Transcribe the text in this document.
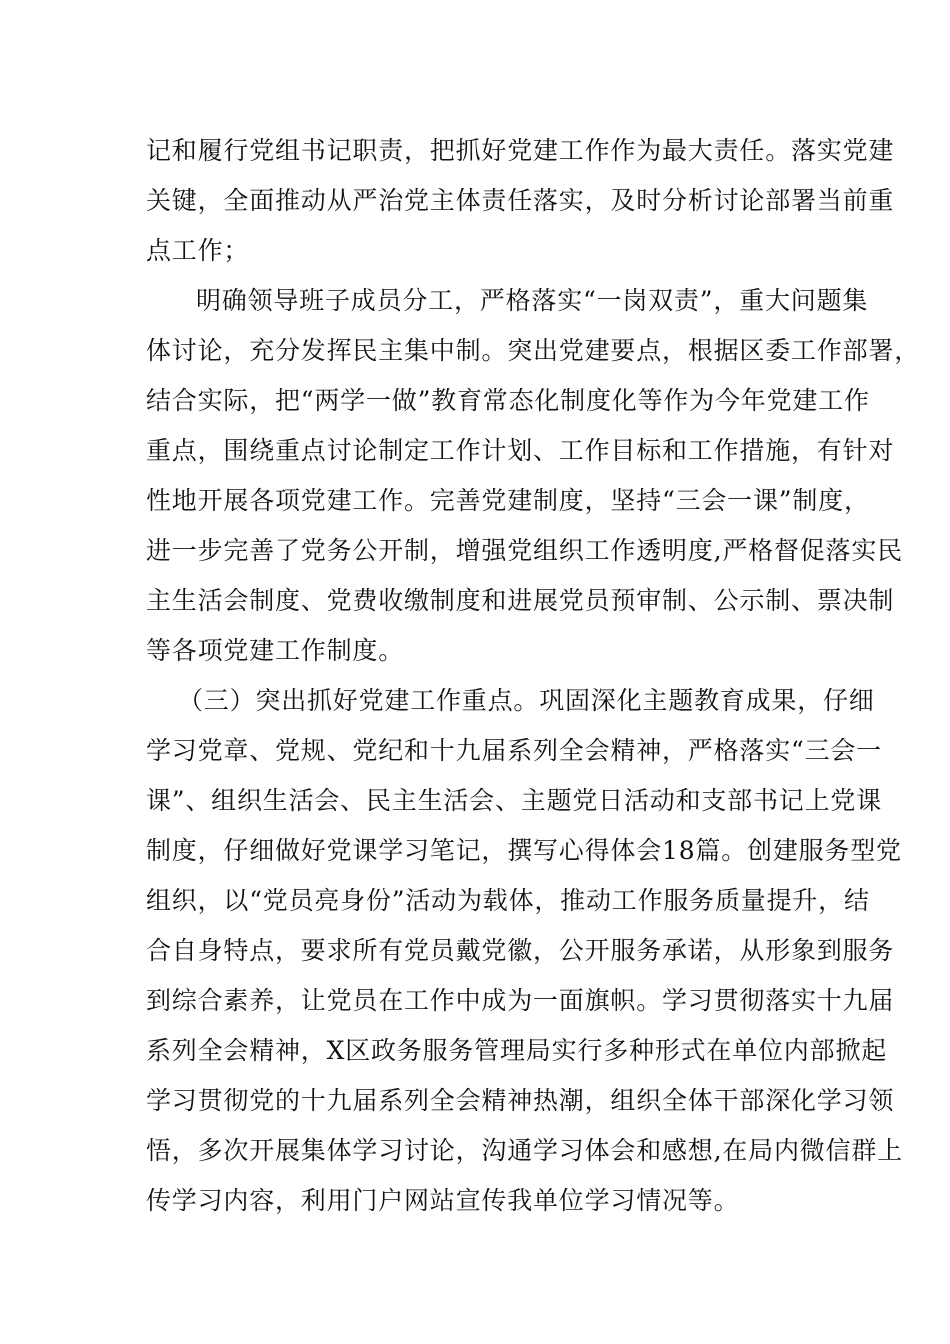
记和履行党组书记职责，把抓好党建工作作为最大责任。落实党建
关键，全面推动从严治党主体责任落实，及时分析讨论部署当前重
点工作；
明确领导班子成员分工，严格落实“一岗双责”，重大问题集
体讨论，充分发挥民主集中制。突出党建要点，根据区委工作部署，
结合实际，把“两学一做”教育常态化制度化等作为今年党建工作
重点，围绕重点讨论制定工作计划、工作目标和工作措施，有针对
性地开展各项党建工作。完善党建制度，坚持“三会一课”制度，
进一步完善了党务公开制，增强党组织工作透明度,严格督促落实民
主生活会制度、党费收缴制度和进展党员预审制、公示制、票决制
等各项党建工作制度。
（三）突出抓好党建工作重点。巩固深化主题教育成果，仔细
学习党章、党规、党纪和十九届系列全会精神，严格落实“三会一
课”、组织生活会、民主生活会、主题党日活动和支部书记上党课
制度，仔细做好党课学习笔记，撰写心得体会18篇。创建服务型党
组织，以“党员亮身份”活动为载体，推动工作服务质量提升，结
合自身特点，要求所有党员戴党徽，公开服务承诺，从形象到服务
到综合素养，让党员在工作中成为一面旗帜。学习贯彻落实十九届
系列全会精神，X区政务服务管理局实行多种形式在单位内部掀起
学习贯彻党的十九届系列全会精神热潮，组织全体干部深化学习领
悟，多次开展集体学习讨论，沟通学习体会和感想,在局内微信群上
传学习内容，利用门户网站宣传我单位学习情况等。
